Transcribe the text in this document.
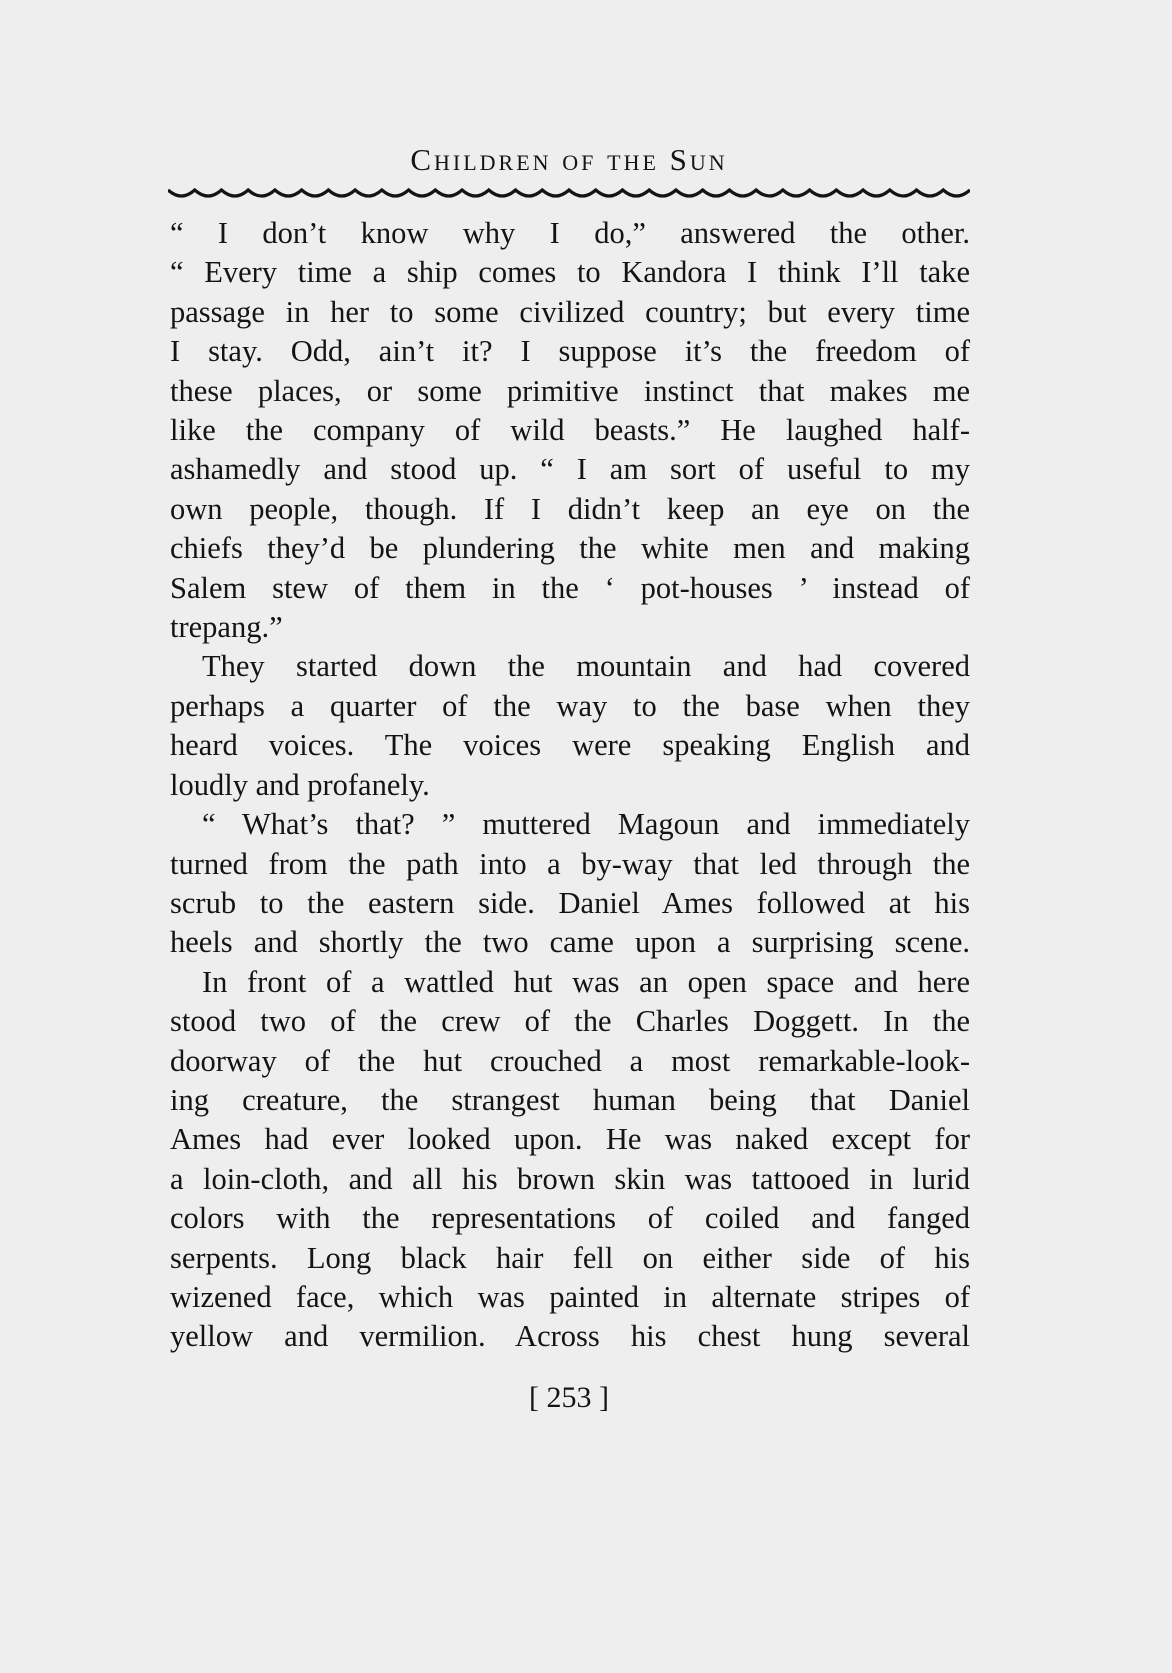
Children of the Sun

“ I don’t know why I do,” answered the other.
“ Every time a ship comes to Kandora I think I’ll take
passage in her to some civilized country; but every time
I stay. Odd, ain’t it? I suppose it’s the freedom of
these places, or some primitive instinct that makes me
like the company of wild beasts.” He laughed half-
ashamedly and stood up. “ I am sort of useful to my
own people, though. If I didn’t keep an eye on the
chiefs they’d be plundering the white men and making
Salem stew of them in the ‘ pot-houses ’ instead of
trepang.”

They started down the mountain and had covered
perhaps a quarter of the way to the base when they
heard voices. The voices were speaking English and
loudly and profanely.

“ What’s that? ” muttered Magoun and immediately
turned from the path into a by-way that led through the
scrub to the eastern side. Daniel Ames followed at his
heels and shortly the two came upon a surprising scene.

In front of a wattled hut was an open space and here
stood two of the crew of the Charles Doggett. In the
doorway of the hut crouched a most remarkable-look-
ing creature, the strangest human being that Daniel
Ames had ever looked upon. He was naked except for
a loin-cloth, and all his brown skin was tattooed in lurid
colors with the representations of coiled and fanged
serpents. Long black hair fell on either side of his
wizened face, which was painted in alternate stripes of
yellow and vermilion. Across his chest hung several

[ 253 ]
